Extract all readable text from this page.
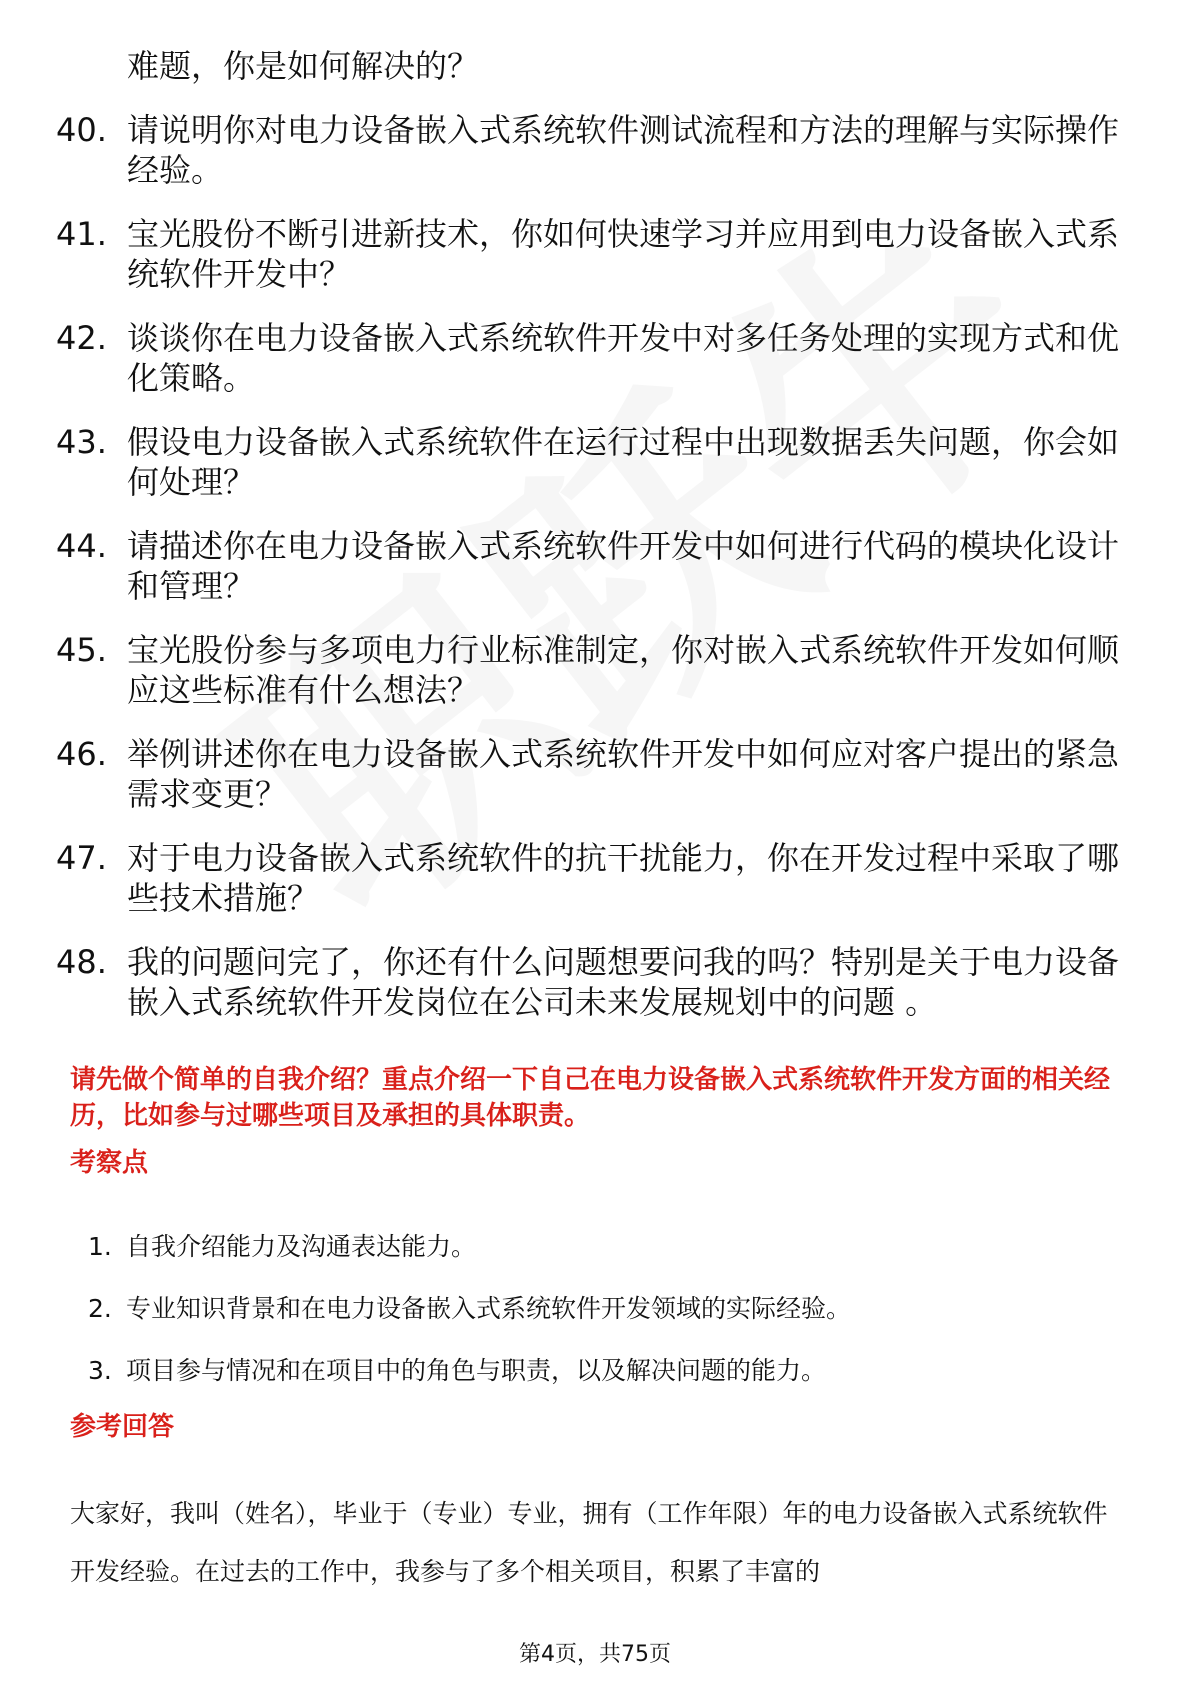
难题，你是如何解决的？
40. 请说明你对电力设备嵌入式系统软件测试流程和方法的理解与实际操作经验。
41. 宝光股份不断引进新技术，你如何快速学习并应用到电力设备嵌入式系统软件开发中？
42. 谈谈你在电力设备嵌入式系统软件开发中对多任务处理的实现方式和优化策略。
43. 假设电力设备嵌入式系统软件在运行过程中出现数据丢失问题，你会如何处理？
44. 请描述你在电力设备嵌入式系统软件开发中如何进行代码的模块化设计和管理？
45. 宝光股份参与多项电力行业标准制定，你对嵌入式系统软件开发如何顺应这些标准有什么想法？
46. 举例讲述你在电力设备嵌入式系统软件开发中如何应对客户提出的紧急需求变更？
47. 对于电力设备嵌入式系统软件的抗干扰能力，你在开发过程中采取了哪些技术措施？
48. 我的问题问完了，你还有什么问题想要问我的吗？特别是关于电力设备嵌入式系统软件开发岗位在公司未来发展规划中的问题 。
请先做个简单的自我介绍？重点介绍一下自己在电力设备嵌入式系统软件开发方面的相关经历，比如参与过哪些项目及承担的具体职责。
考察点
1. 自我介绍能力及沟通表达能力。
2. 专业知识背景和在电力设备嵌入式系统软件开发领域的实际经验。
3. 项目参与情况和在项目中的角色与职责，以及解决问题的能力。
参考回答
大家好，我叫（姓名），毕业于（专业）专业，拥有（工作年限）年的电力设备嵌入式系统软件开发经验。在过去的工作中，我参与了多个相关项目，积累了丰富的
第4页，共75页
